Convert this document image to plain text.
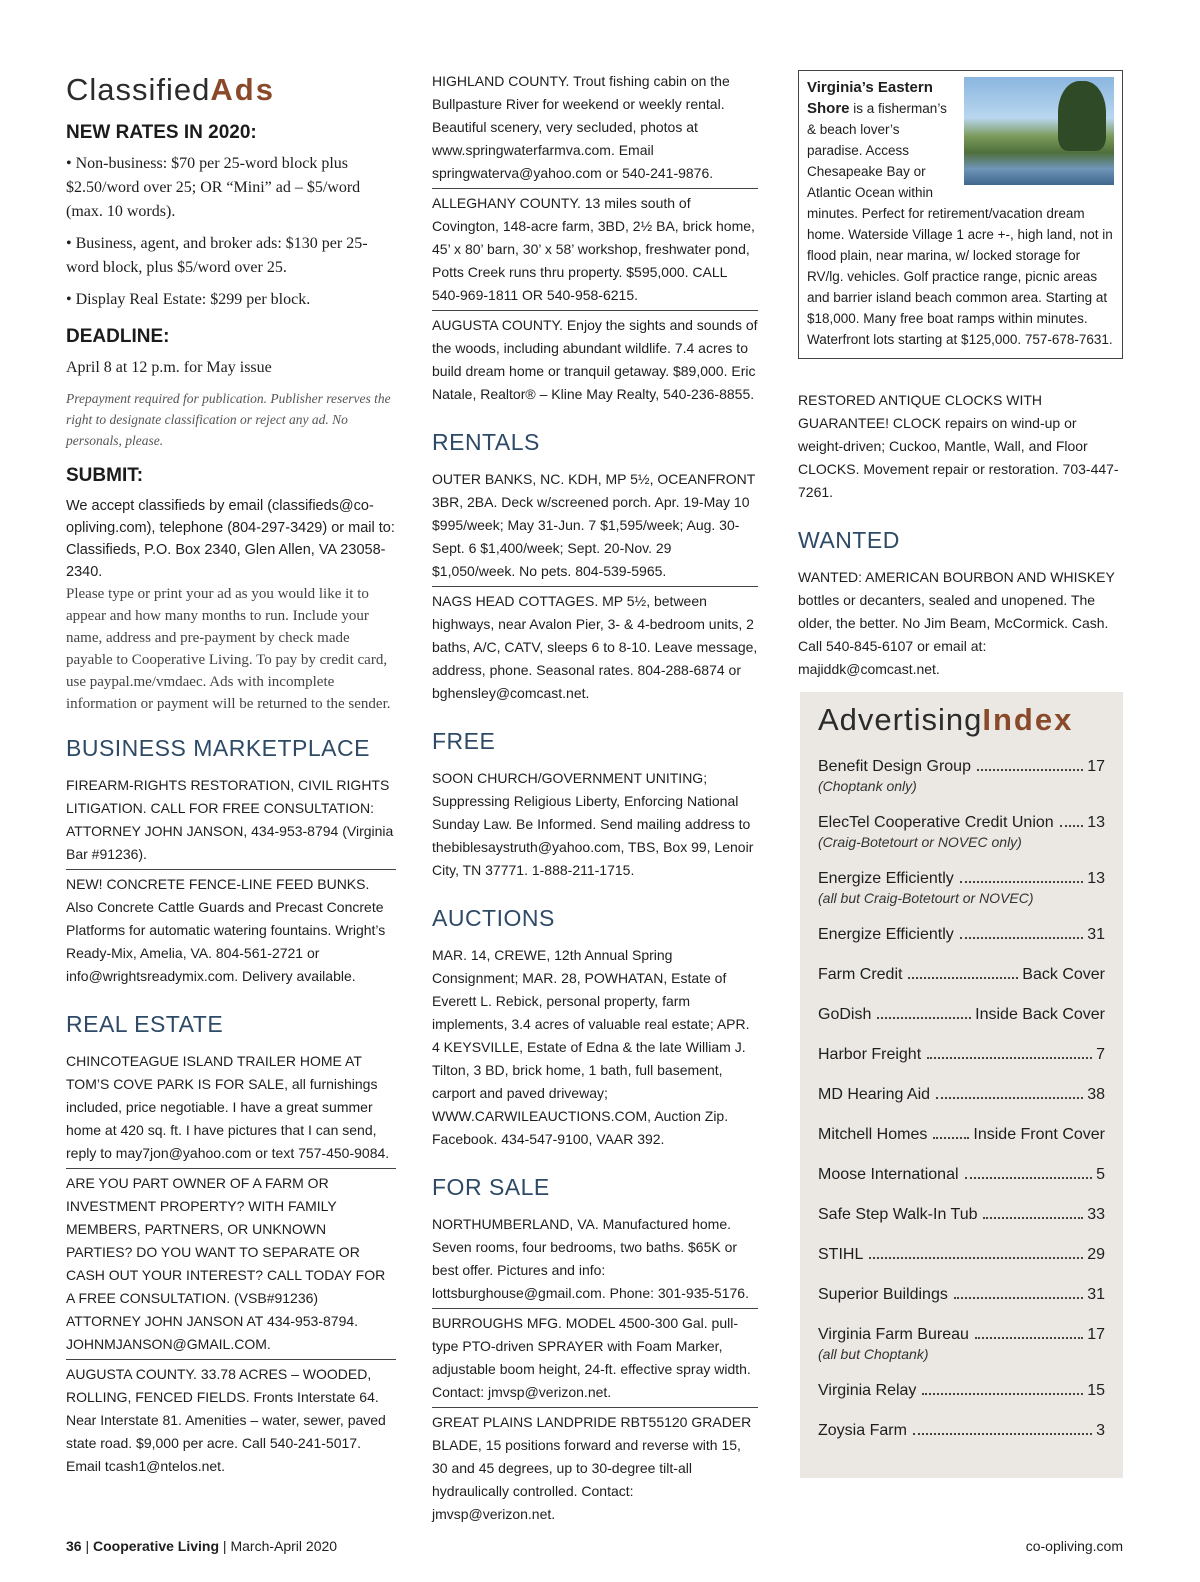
ClassifiedAds
NEW RATES IN 2020:

• Non-business: $70 per 25-word block plus $2.50/word over 25; OR “Mini” ad – $5/word (max. 10 words).

• Business, agent, and broker ads: $130 per 25-word block, plus $5/word over 25.

• Display Real Estate: $299 per block.

DEADLINE:

April 8 at 12 p.m. for May issue

Prepayment required for publication. Publisher reserves the right to designate classification or reject any ad. No personals, please.

SUBMIT:

We accept classifieds by email (classifieds@co-opliving.com), telephone (804-297-3429) or mail to: Classifieds, P.O. Box 2340, Glen Allen, VA 23058-2340.

Please type or print your ad as you would like it to appear and how many months to run. Include your name, address and pre-payment by check made payable to Cooperative Living. To pay by credit card, use paypal.me/vmdaec. Ads with incomplete information or payment will be returned to the sender.

BUSINESS MARKETPLACE
FIREARM-RIGHTS RESTORATION, CIVIL RIGHTS LITIGATION. CALL FOR FREE CONSULTATION: ATTORNEY JOHN JANSON, 434-953-8794 (Virginia Bar #91236).
NEW! CONCRETE FENCE-LINE FEED BUNKS. Also Concrete Cattle Guards and Precast Concrete Platforms for automatic watering fountains. Wright’s Ready-Mix, Amelia, VA. 804-561-2721 or info@wrightsreadymix.com. Delivery available.
REAL ESTATE
CHINCOTEAGUE ISLAND TRAILER HOME AT TOM’S COVE PARK IS FOR SALE, all furnishings included, price negotiable. I have a great summer home at 420 sq. ft. I have pictures that I can send, reply to may7jon@yahoo.com or text 757-450-9084.
ARE YOU PART OWNER OF A FARM OR INVESTMENT PROPERTY? WITH FAMILY MEMBERS, PARTNERS, OR UNKNOWN PARTIES? DO YOU WANT TO SEPARATE OR CASH OUT YOUR INTEREST? CALL TODAY FOR A FREE CONSULTATION. (VSB#91236) ATTORNEY JOHN JANSON AT 434-953-8794. JOHNMJANSON@GMAIL.COM.
AUGUSTA COUNTY. 33.78 ACRES – WOODED, ROLLING, FENCED FIELDS. Fronts Interstate 64. Near Interstate 81. Amenities – water, sewer, paved state road. $9,000 per acre. Call 540-241-5017. Email tcash1@ntelos.net.
HIGHLAND COUNTY. Trout fishing cabin on the Bullpasture River for weekend or weekly rental. Beautiful scenery, very secluded, photos at www.springwaterfarmva.com. Email springwaterva@yahoo.com or 540-241-9876.
ALLEGHANY COUNTY. 13 miles south of Covington, 148-acre farm, 3BD, 2½ BA, brick home, 45’ x 80’ barn, 30’ x 58’ workshop, freshwater pond, Potts Creek runs thru property. $595,000. CALL 540-969-1811 OR 540-958-6215.
AUGUSTA COUNTY. Enjoy the sights and sounds of the woods, including abundant wildlife. 7.4 acres to build dream home or tranquil getaway. $89,000. Eric Natale, Realtor® – Kline May Realty, 540-236-8855.
RENTALS
OUTER BANKS, NC. KDH, MP 5½, OCEANFRONT 3BR, 2BA. Deck w/screened porch. Apr. 19-May 10 $995/week; May 31-Jun. 7 $1,595/week; Aug. 30-Sept. 6 $1,400/week; Sept. 20-Nov. 29 $1,050/week. No pets. 804-539-5965.
NAGS HEAD COTTAGES. MP 5½, between highways, near Avalon Pier, 3- & 4-bedroom units, 2 baths, A/C, CATV, sleeps 6 to 8-10. Leave message, address, phone. Seasonal rates. 804-288-6874 or bghensley@comcast.net.
FREE
SOON CHURCH/GOVERNMENT UNITING; Suppressing Religious Liberty, Enforcing National Sunday Law. Be Informed. Send mailing address to thebiblesaystruth@yahoo.com, TBS, Box 99, Lenoir City, TN 37771. 1-888-211-1715.
AUCTIONS
MAR. 14, CREWE, 12th Annual Spring Consignment; MAR. 28, POWHATAN, Estate of Everett L. Rebick, personal property, farm implements, 3.4 acres of valuable real estate; APR. 4 KEYSVILLE, Estate of Edna & the late William J. Tilton, 3 BD, brick home, 1 bath, full basement, carport and paved driveway; WWW.CARWILEAUCTIONS.COM, Auction Zip. Facebook. 434-547-9100, VAAR 392.
FOR SALE
NORTHUMBERLAND, VA. Manufactured home. Seven rooms, four bedrooms, two baths. $65K or best offer. Pictures and info: lottsburghouse@gmail.com. Phone: 301-935-5176.
BURROUGHS MFG. MODEL 4500-300 Gal. pull-type PTO-driven SPRAYER with Foam Marker, adjustable boom height, 24-ft. effective spray width. Contact: jmvsp@verizon.net.
GREAT PLAINS LANDPRIDE RBT55120 GRADER BLADE, 15 positions forward and reverse with 15, 30 and 45 degrees, up to 30-degree tilt-all hydraulically controlled. Contact: jmvsp@verizon.net.
Virginia’s Eastern Shore is a fisherman’s & beach lover’s paradise. Access Chesapeake Bay or Atlantic Ocean within minutes. Perfect for retirement/vacation dream home. Waterside Village 1 acre +-, high land, not in flood plain, near marina, w/ locked storage for RV/lg. vehicles. Golf practice range, picnic areas and barrier island beach common area. Starting at $18,000. Many free boat ramps within minutes. Waterfront lots starting at $125,000. 757-678-7631.
RESTORED ANTIQUE CLOCKS WITH GUARANTEE! CLOCK repairs on wind-up or weight-driven; Cuckoo, Mantle, Wall, and Floor CLOCKS. Movement repair or restoration. 703-447-7261.
WANTED
WANTED: AMERICAN BOURBON AND WHISKEY bottles or decanters, sealed and unopened. The older, the better. No Jim Beam, McCormick. Cash. Call 540-845-6107 or email at: majiddk@comcast.net.
AdvertisingIndex
Benefit Design Group	17
(Choptank only)
ElecTel Cooperative Credit Union 13
(Craig-Botetourt or NOVEC only)
Energize Efficiently	13
(all but Craig-Botetourt or NOVEC)
Energize Efficiently	31
Farm Credit	Back Cover
GoDish	Inside Back Cover
Harbor Freight	7
MD Hearing Aid	38
Mitchell Homes	Inside Front Cover
Moose International	5
Safe Step Walk-In Tub	33
STIHL	29
Superior Buildings	31
Virginia Farm Bureau	17
(all but Choptank)
Virginia Relay	15
Zoysia Farm	3
36 | Cooperative Living | March-April 2020	co-opliving.com
